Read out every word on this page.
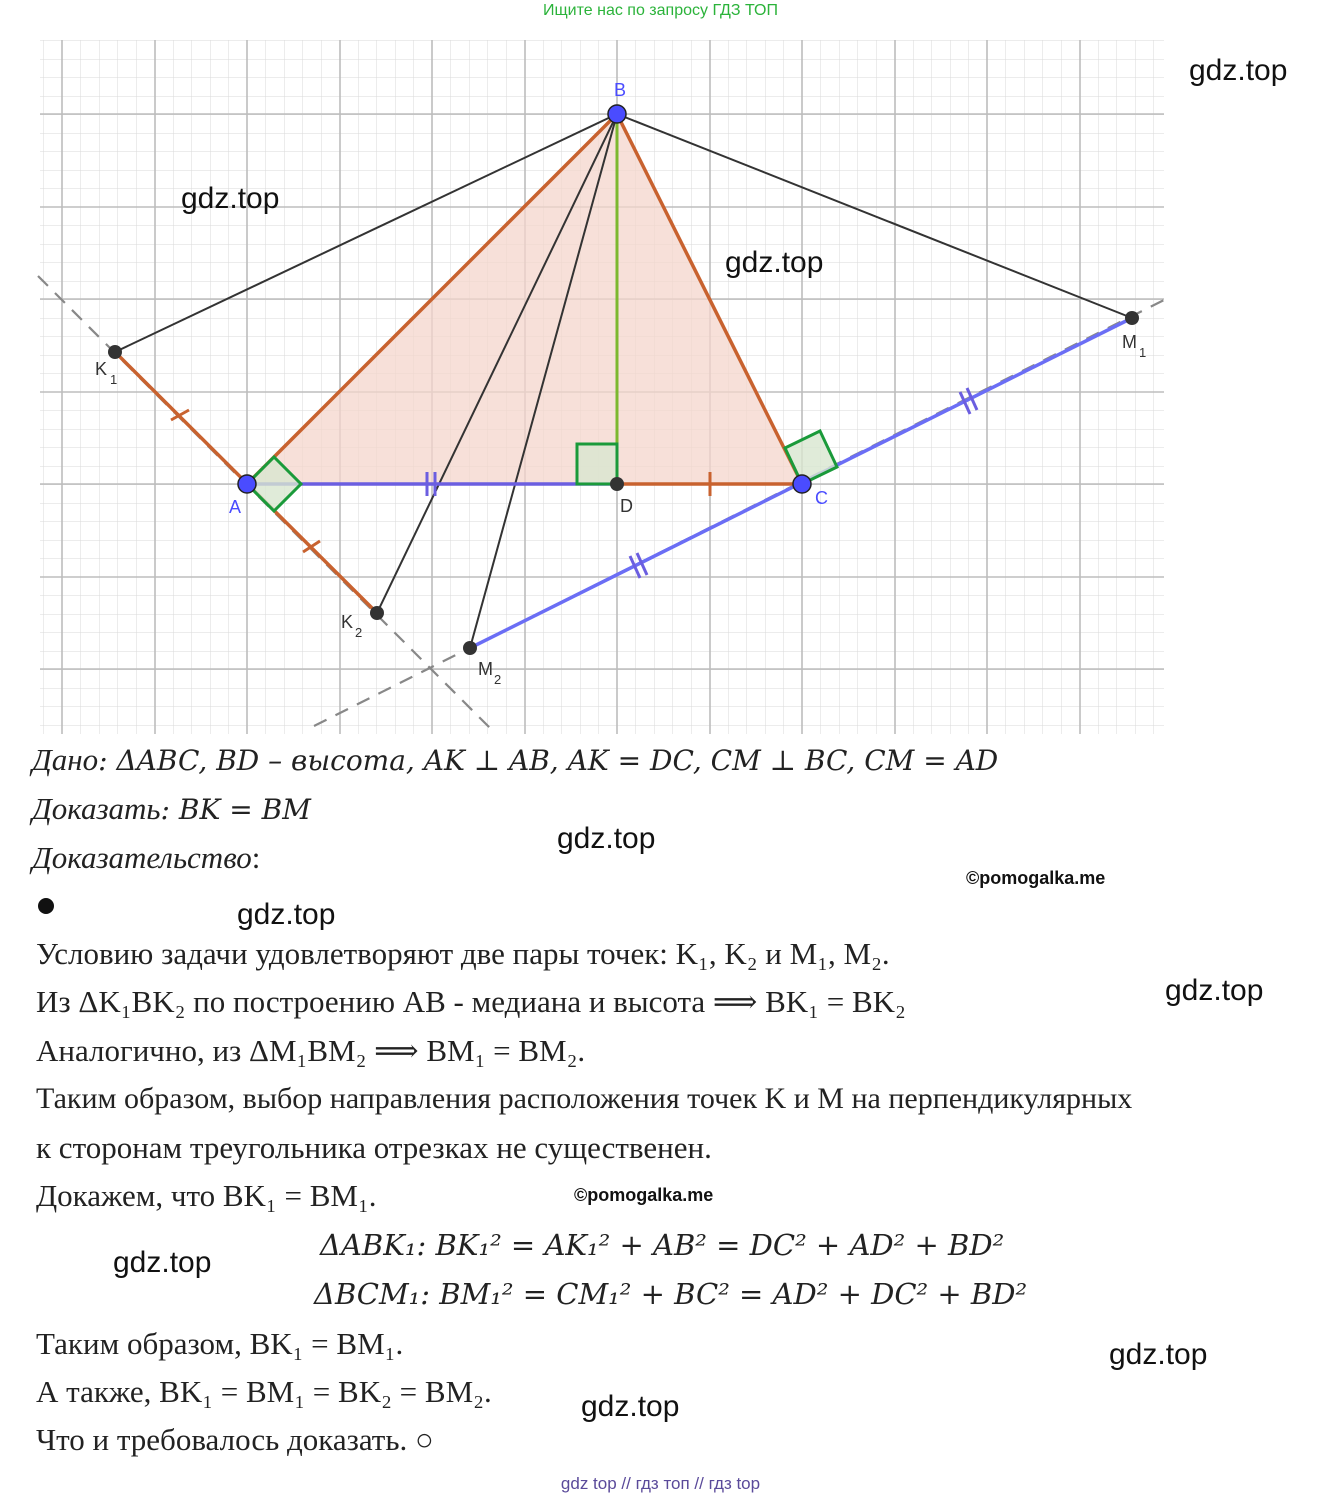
Ищите нас по запросу ГДЗ ТОП
B
A	C
D
K
1
K
2
M
1
M
2
gdz.top
gdz.top
gdz.top
gdz.top
gdz.top
gdz.top
gdz.top
gdz.top
gdz.top
©pomogalka.me
©pomogalka.me
Дано: ΔABC, BD – высота, AK ⊥ AB, AK = DC, CM ⊥ BC, CM = AD
Доказать: BK = BM
Доказательство:
Условию задачи удовлетворяют две пары точек: K₁, K₂ и M₁, M₂.
Из ΔK₁BK₂ по построению AB - медиана и высота ⟹ BK₁ = BK₂
Аналогично, из ΔM₁BM₂ ⟹ BM₁ = BM₂.
Таким образом, выбор направления расположения точек K и M на перпендикулярных
к сторонам треугольника отрезках не существенен.
Докажем, что BK₁ = BM₁.
ΔABK₁: BK₁² = AK₁² + AB² = DC² + AD² + BD²
ΔBCM₁: BM₁² = CM₁² + BC² = AD² + DC² + BD²
Таким образом, BK₁ = BM₁.
А также, BK₁ = BM₁ = BK₂ = BM₂.
Что и требовалось доказать. ○
gdz top // гдз топ // гдз top
